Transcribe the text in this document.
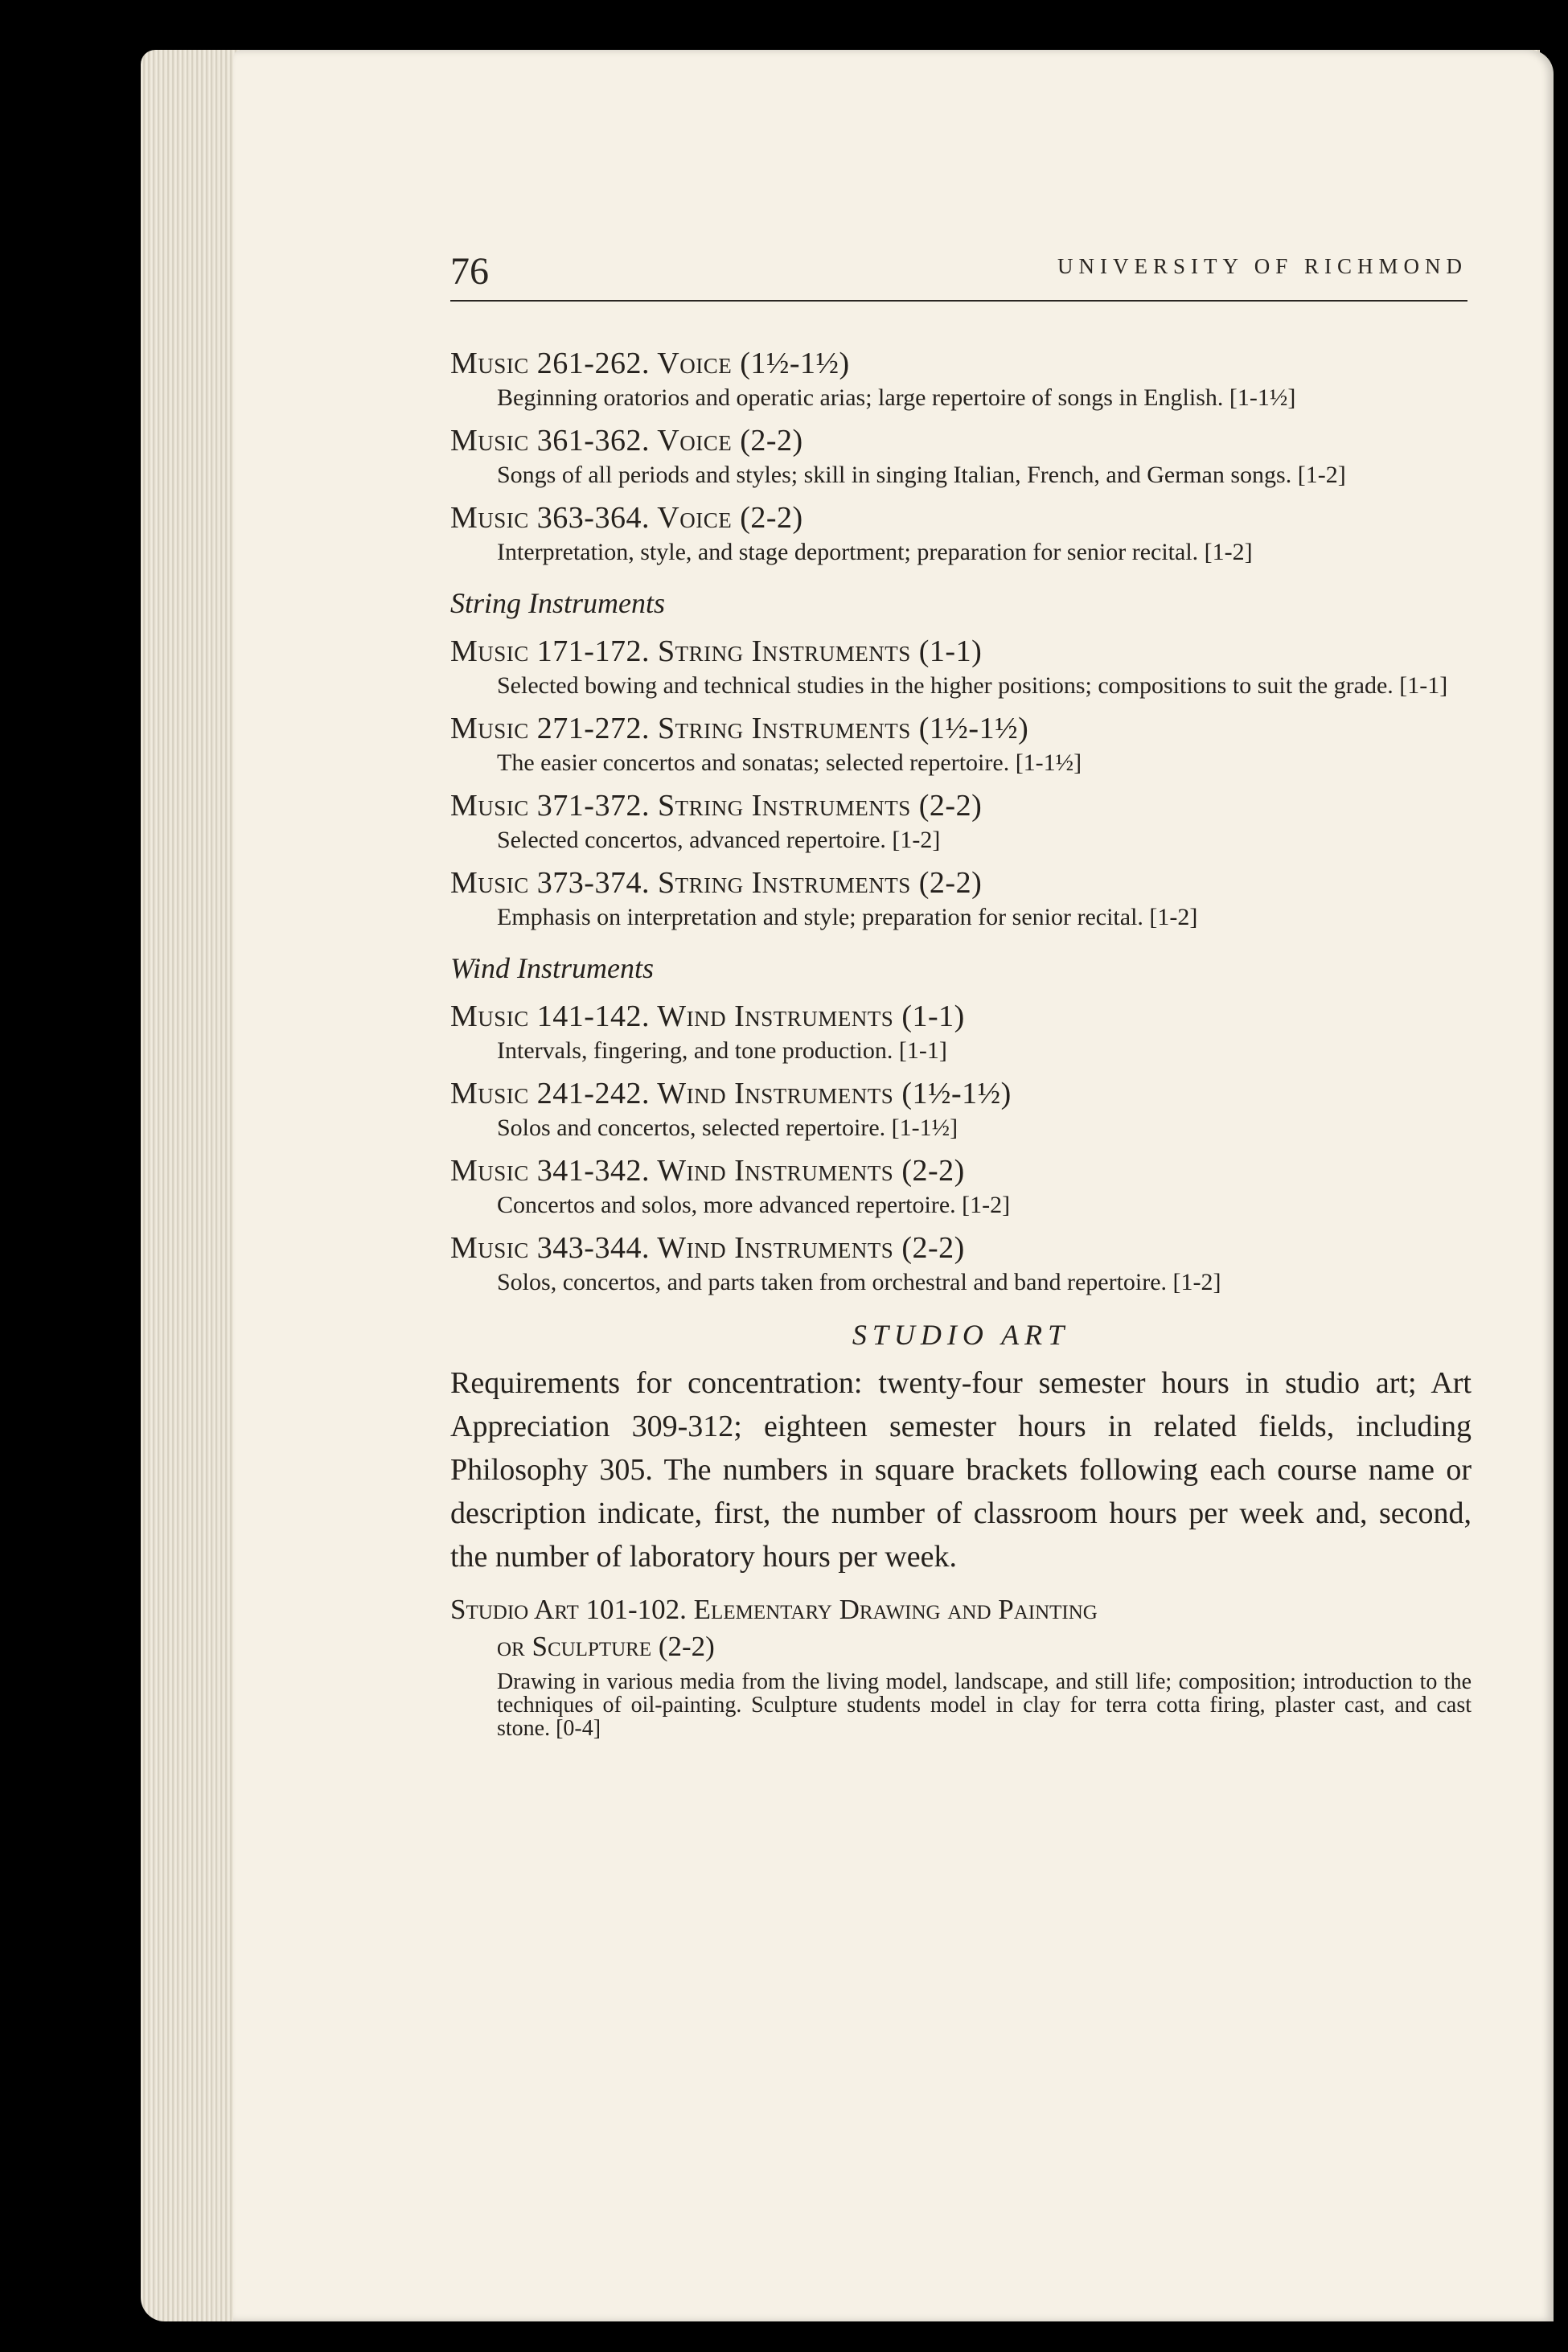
76	UNIVERSITY OF RICHMOND
Music 261-262. Voice (1½-1½)
Beginning oratorios and operatic arias; large repertoire of songs in English. [1-1½]
Music 361-362. Voice (2-2)
Songs of all periods and styles; skill in singing Italian, French, and German songs. [1-2]
Music 363-364. Voice (2-2)
Interpretation, style, and stage deportment; preparation for senior recital. [1-2]
String Instruments
Music 171-172. String Instruments (1-1)
Selected bowing and technical studies in the higher positions; compositions to suit the grade. [1-1]
Music 271-272. String Instruments (1½-1½)
The easier concertos and sonatas; selected repertoire. [1-1½]
Music 371-372. String Instruments (2-2)
Selected concertos, advanced repertoire. [1-2]
Music 373-374. String Instruments (2-2)
Emphasis on interpretation and style; preparation for senior recital. [1-2]
Wind Instruments
Music 141-142. Wind Instruments (1-1)
Intervals, fingering, and tone production. [1-1]
Music 241-242. Wind Instruments (1½-1½)
Solos and concertos, selected repertoire. [1-1½]
Music 341-342. Wind Instruments (2-2)
Concertos and solos, more advanced repertoire. [1-2]
Music 343-344. Wind Instruments (2-2)
Solos, concertos, and parts taken from orchestral and band repertoire. [1-2]
STUDIO ART
Requirements for concentration: twenty-four semester hours in studio art; Art Appreciation 309-312; eighteen semester hours in related fields, including Philosophy 305. The numbers in square brackets following each course name or description indicate, first, the number of classroom hours per week and, second, the number of laboratory hours per week.
Studio Art 101-102. Elementary Drawing and Painting
or Sculpture (2-2)
Drawing in various media from the living model, landscape, and still life; composition; introduction to the techniques of oil-painting. Sculpture students model in clay for terra cotta firing, plaster cast, and cast stone. [0-4]
